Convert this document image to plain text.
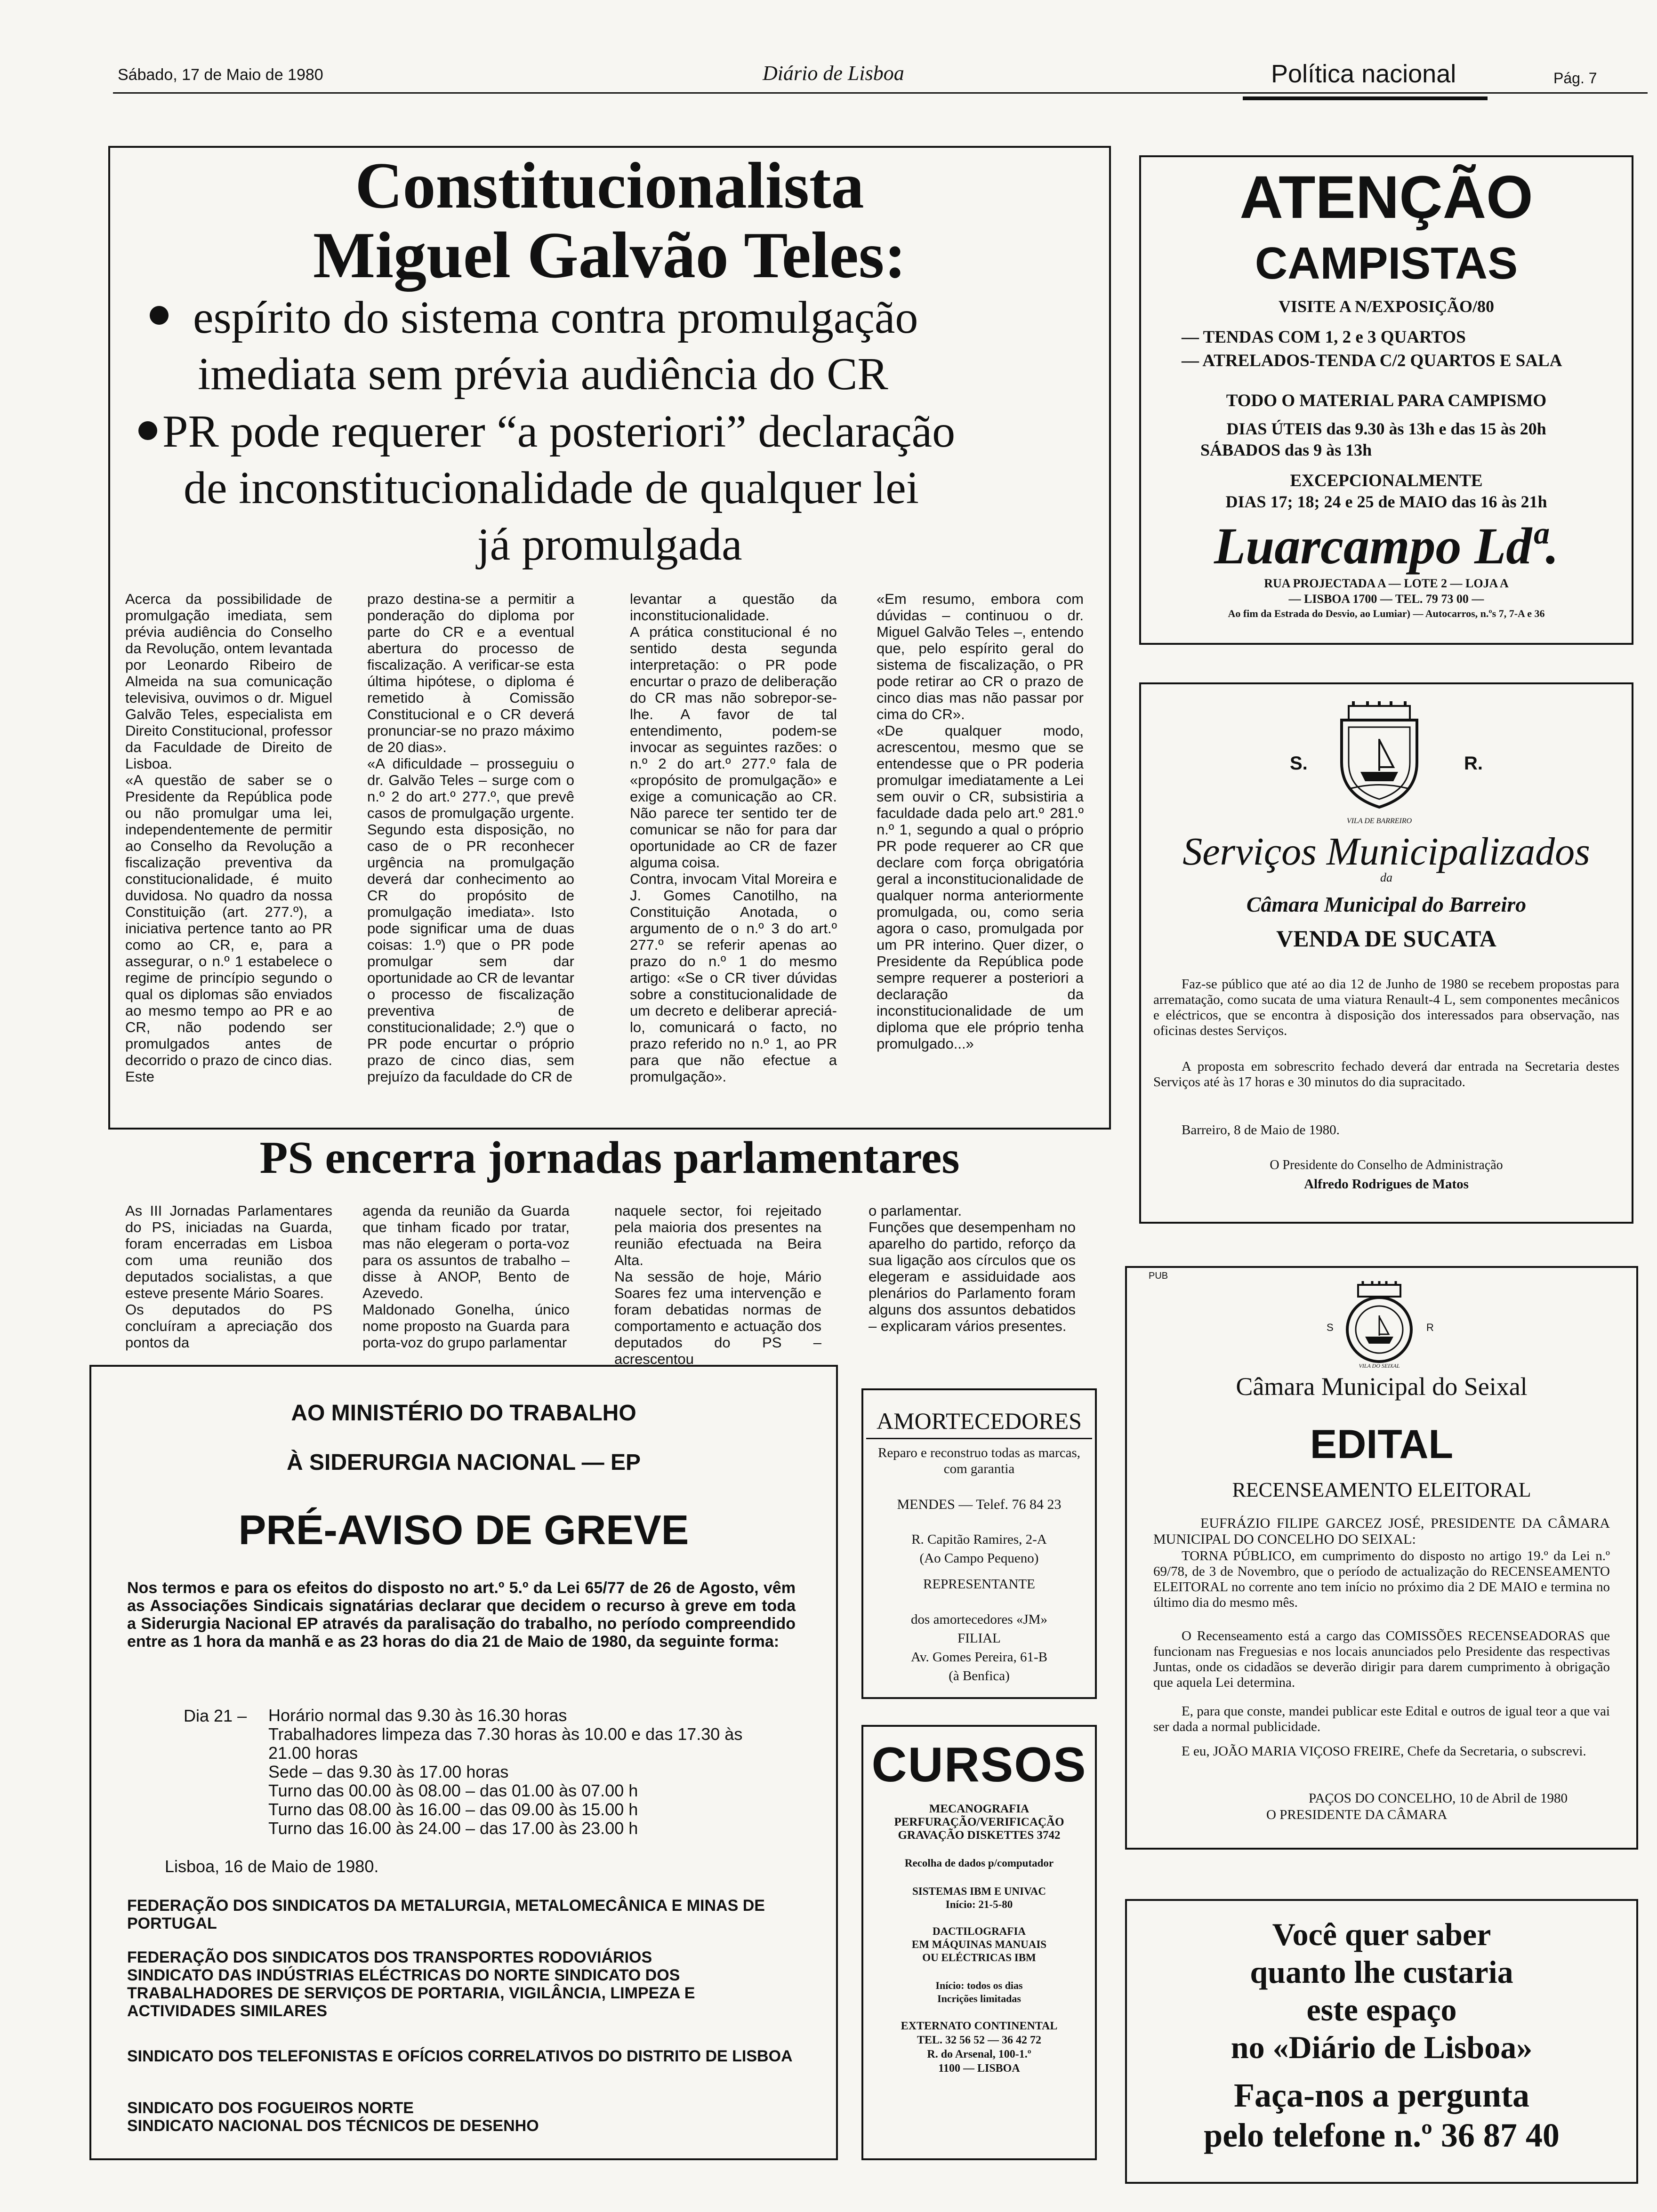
Sábado, 17 de Maio de 1980	Diário de Lisboa	Política nacional	Pág. 7
Constitucionalista
Miguel Galvão Teles:
espírito do sistema contra promulgação
imediata sem prévia audiência do CR
PR pode requerer “a posteriori” declaração
de inconstitucionalidade de qualquer lei
já promulgada
Acerca da possibilidade de promulgação imediata, sem prévia audiência do Conselho da Revolução, ontem levantada por Leonardo Ribeiro de Almeida na sua comunicação televisiva, ouvimos o dr. Miguel Galvão Teles, especialista em Direito Constitucional, professor da Faculdade de Direito de Lisboa.
«A questão de saber se o Presidente da República pode ou não promulgar uma lei, independentemente de permitir ao Conselho da Revolução a fiscalização preventiva da constitucionalidade, é muito duvidosa. No quadro da nossa Constituição (art. 277.º), a iniciativa pertence tanto ao PR como ao CR, e, para a assegurar, o n.º 1 estabelece o regime de princípio segundo o qual os diplomas são enviados ao mesmo tempo ao PR e ao CR, não podendo ser promulgados antes de decorrido o prazo de cinco dias. Este
prazo destina-se a permitir a ponderação do diploma por parte do CR e a eventual abertura do processo de fiscalização. A verificar-se esta última hipótese, o diploma é remetido à Comissão Constitucional e o CR deverá pronunciar-se no prazo máximo de 20 dias».
«A dificuldade – prosseguiu o dr. Galvão Teles – surge com o n.º 2 do art.º 277.º, que prevê casos de promulgação urgente. Segundo esta disposição, no caso de o PR reconhecer urgência na promulgação deverá dar conhecimento ao CR do propósito de promulgação imediata». Isto pode significar uma de duas coisas: 1.º) que o PR pode promulgar sem dar oportunidade ao CR de levantar o processo de fiscalização preventiva de constitucionalidade; 2.º) que o PR pode encurtar o próprio prazo de cinco dias, sem prejuízo da faculdade do CR de
levantar a questão da inconstitucionalidade.
A prática constitucional é no sentido desta segunda interpretação: o PR pode encurtar o prazo de deliberação do CR mas não sobrepor-se-lhe. A favor de tal entendimento, podem-se invocar as seguintes razões: o n.º 2 do art.º 277.º fala de «propósito de promulgação» e exige a comunicação ao CR. Não parece ter sentido ter de comunicar se não for para dar oportunidade ao CR de fazer alguma coisa.
Contra, invocam Vital Moreira e J. Gomes Canotilho, na Constituição Anotada, o argumento de o n.º 3 do art.º 277.º se referir apenas ao prazo do n.º 1 do mesmo artigo: «Se o CR tiver dúvidas sobre a constitucionalidade de um decreto e deliberar apreciá-lo, comunicará o facto, no prazo referido no n.º 1, ao PR para que não efectue a promulgação».
«Em resumo, embora com dúvidas – continuou o dr. Miguel Galvão Teles –, entendo que, pelo espírito geral do sistema de fiscalização, o PR pode retirar ao CR o prazo de cinco dias mas não passar por cima do CR».
«De qualquer modo, acrescentou, mesmo que se entendesse que o PR poderia promulgar imediatamente a Lei sem ouvir o CR, subsistiria a faculdade dada pelo art.º 281.º n.º 1, segundo a qual o próprio PR pode requerer ao CR que declare com força obrigatória geral a inconstitucionalidade de qualquer norma anteriormente promulgada, ou, como seria agora o caso, promulgada por um PR interino. Quer dizer, o Presidente da República pode sempre requerer a posteriori a declaração da inconstitucionalidade de um diploma que ele próprio tenha promulgado...»
PS encerra jornadas parlamentares
As III Jornadas Parlamentares do PS, iniciadas na Guarda, foram encerradas em Lisboa com uma reunião dos deputados socialistas, a que esteve presente Mário Soares.
Os deputados do PS concluíram a apreciação dos pontos da
agenda da reunião da Guarda que tinham ficado por tratar, mas não elegeram o porta-voz para os assuntos de trabalho – disse à ANOP, Bento de Azevedo.
Maldonado Gonelha, único nome proposto na Guarda para porta-voz do grupo parlamentar
naquele sector, foi rejeitado pela maioria dos presentes na reunião efectuada na Beira Alta.
Na sessão de hoje, Mário Soares fez uma intervenção e foram debatidas normas de comportamento e actuação dos deputados do PS – acrescentou
o parlamentar.
Funções que desempenham no aparelho do partido, reforço da sua ligação aos círculos que os elegeram e assiduidade aos plenários do Parlamento foram alguns dos assuntos debatidos – explicaram vários presentes.
AO MINISTÉRIO DO TRABALHO
À SIDERURGIA NACIONAL — EP
PRÉ-AVISO DE GREVE
Nos termos e para os efeitos do disposto no art.º 5.º da Lei 65/77 de 26 de Agosto, vêm as Associações Sindicais signatárias declarar que decidem o recurso à greve em toda a Siderurgia Nacional EP através da paralisação do trabalho, no período compreendido entre as 1 hora da manhã e as 23 horas do dia 21 de Maio de 1980, da seguinte forma:
Dia 21 – Horário normal das 9.30 às 16.30 horas
Trabalhadores limpeza das 7.30 horas às 10.00 e das 17.30 às
21.00 horas
Sede – das 9.30 às 17.00 horas
Turno das 00.00 às 08.00 – das 01.00 às 07.00 h
Turno das 08.00 às 16.00 – das 09.00 às 15.00 h
Turno das 16.00 às 24.00 – das 17.00 às 23.00 h
Lisboa, 16 de Maio de 1980.
FEDERAÇÃO DOS SINDICATOS DA METALURGIA, METALOMECÂNICA E MINAS DE PORTUGAL
FEDERAÇÃO DOS SINDICATOS DOS TRANSPORTES RODOVIÁRIOS
SINDICATO DAS INDÚSTRIAS ELÉCTRICAS DO NORTE SINDICATO DOS TRABALHADORES DE SERVIÇOS DE PORTARIA, VIGILÂNCIA, LIMPEZA E ACTIVIDADES SIMILARES
SINDICATO DOS TELEFONISTAS E OFÍCIOS CORRELATIVOS DO DISTRITO DE LISBOA
SINDICATO DOS FOGUEIROS NORTE
SINDICATO NACIONAL DOS TÉCNICOS DE DESENHO
AMORTECEDORES
Reparo e reconstruo todas as marcas, com garantia
MENDES — Telef. 76 84 23
R. Capitão Ramires, 2-A
(Ao Campo Pequeno)
REPRESENTANTE
dos amortecedores «JM»
FILIAL
Av. Gomes Pereira, 61-B
(à Benfica)
CURSOS
MECANOGRAFIA
PERFURAÇÃO/VERIFICAÇÃO
GRAVAÇÃO DISKETTES 3742
Recolha de dados p/computador
SISTEMAS IBM E UNIVAC
Início: 21-5-80
DACTILOGRAFIA
EM MÁQUINAS MANUAIS
OU ELÉCTRICAS IBM
Início: todos os dias
Incrições limitadas
EXTERNATO CONTINENTAL
TEL. 32 56 52 — 36 42 72
R. do Arsenal, 100-1.º
1100 — LISBOA
ATENÇÃO
CAMPISTAS
VISITE A N/EXPOSIÇÃO/80
— TENDAS COM 1, 2 e 3 QUARTOS
— ATRELADOS-TENDA C/2 QUARTOS E SALA
TODO O MATERIAL PARA CAMPISMO
DIAS ÚTEIS das 9.30 às 13h e das 15 às 20h
SÁBADOS das 9 às 13h
EXCEPCIONALMENTE
DIAS 17; 18; 24 e 25 de MAIO das 16 às 21h
Luarcampo Ldª.
RUA PROJECTADA A — LOTE 2 — LOJA A
— LISBOA 1700 — TEL. 79 73 00 —
Ao fim da Estrada do Desvio, ao Lumiar) — Autocarros, n.ºs 7, 7-A e 36
VILA DE BARREIRO
S.	R.
Serviços Municipalizados
da
Câmara Municipal do Barreiro
VENDA DE SUCATA
Faz-se público que até ao dia 12 de Junho de 1980 se recebem propostas para arrematação, como sucata de uma viatura Renault-4 L, sem componentes mecânicos e eléctricos, que se encontra à disposição dos interessados para observação, nas oficinas destes Serviços.
A proposta em sobrescrito fechado deverá dar entrada na Secretaria destes Serviços até às 17 horas e 30 minutos do dia supracitado.
Barreiro, 8 de Maio de 1980.
O Presidente do Conselho de Administração
Alfredo Rodrigues de Matos
PUB
VILA DO SEIXAL
S	R
Câmara Municipal do Seixal
EDITAL
RECENSEAMENTO ELEITORAL
EUFRÁZIO FILIPE GARCEZ JOSÉ, PRESIDENTE DA CÂMARA MUNICIPAL DO CONCELHO DO SEIXAL:
TORNA PÚBLICO, em cumprimento do disposto no artigo 19.º da Lei n.º 69/78, de 3 de Novembro, que o período de actualização do RECENSEAMENTO ELEITORAL no corrente ano tem início no próximo dia 2 DE MAIO e termina no último dia do mesmo mês.
O Recenseamento está a cargo das COMISSÕES RECENSEADORAS que funcionam nas Freguesias e nos locais anunciados pelo Presidente das respectivas Juntas, onde os cidadãos se deverão dirigir para darem cumprimento à obrigação que aquela Lei determina.
E, para que conste, mandei publicar este Edital e outros de igual teor a que vai ser dada a normal publicidade.
E eu, JOÃO MARIA VIÇOSO FREIRE, Chefe da Secretaria, o subscrevi.
PAÇOS DO CONCELHO, 10 de Abril de 1980
O PRESIDENTE DA CÂMARA
Você quer saber
quanto lhe custaria
este espaço
no «Diário de Lisboa»
Faça-nos a pergunta
pelo telefone n.º 36 87 40
